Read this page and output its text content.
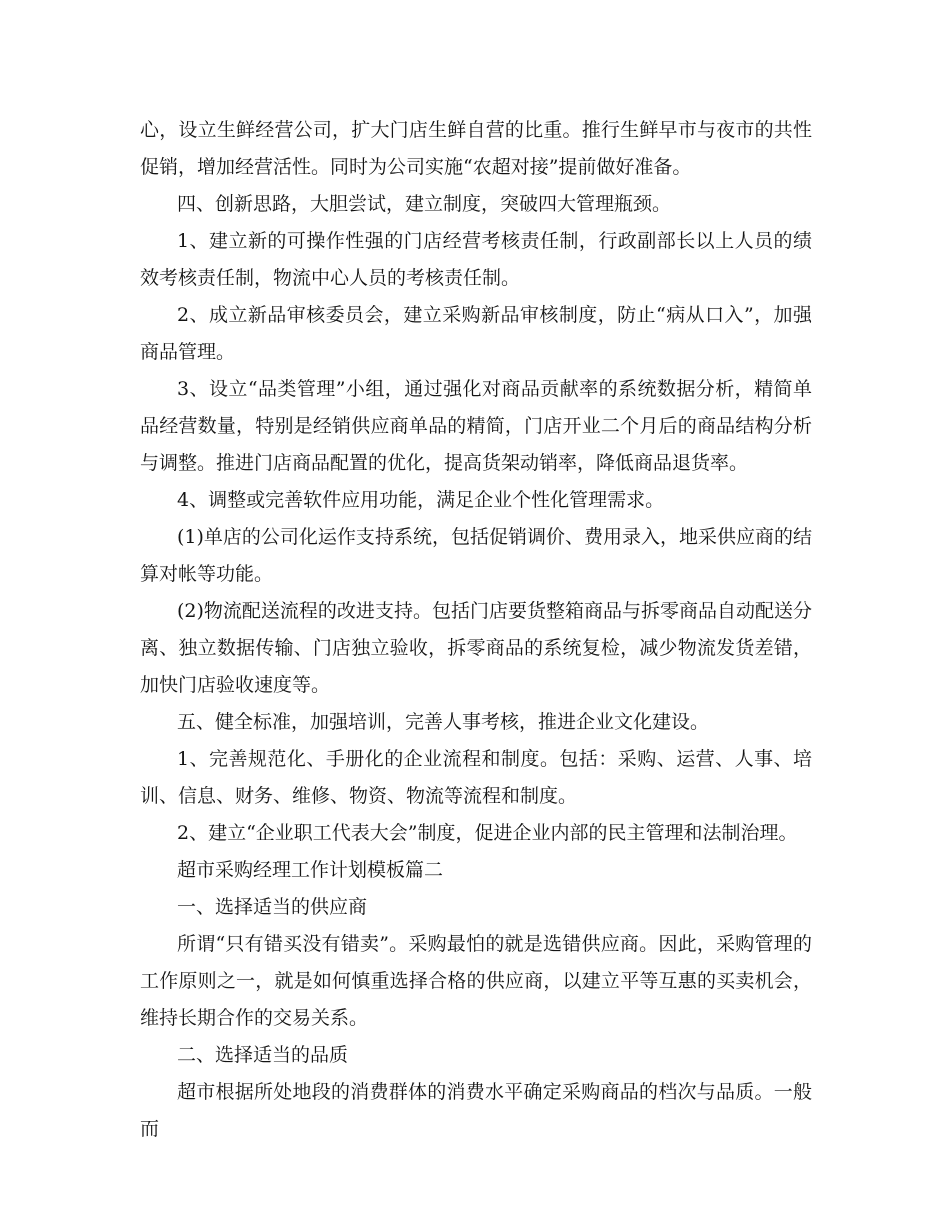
心，设立生鲜经营公司，扩大门店生鲜自营的比重。推行生鲜早市与夜市的共性促销，增加经营活性。同时为公司实施“农超对接”提前做好准备。

四、创新思路，大胆尝试，建立制度，突破四大管理瓶颈。

1、建立新的可操作性强的门店经营考核责任制，行政副部长以上人员的绩效考核责任制，物流中心人员的考核责任制。

2、成立新品审核委员会，建立采购新品审核制度，防止“病从口入”，加强商品管理。

3、设立“品类管理”小组，通过强化对商品贡献率的系统数据分析，精简单品经营数量，特别是经销供应商单品的精简，门店开业二个月后的商品结构分析与调整。推进门店商品配置的优化，提高货架动销率，降低商品退货率。

4、调整或完善软件应用功能，满足企业个性化管理需求。

(1)单店的公司化运作支持系统，包括促销调价、费用录入，地采供应商的结算对帐等功能。

(2)物流配送流程的改进支持。包括门店要货整箱商品与拆零商品自动配送分离、独立数据传输、门店独立验收，拆零商品的系统复检，减少物流发货差错，加快门店验收速度等。

五、健全标准，加强培训，完善人事考核，推进企业文化建设。

1、完善规范化、手册化的企业流程和制度。包括：采购、运营、人事、培训、信息、财务、维修、物资、物流等流程和制度。

2、建立“企业职工代表大会”制度，促进企业内部的民主管理和法制治理。

超市采购经理工作计划模板篇二

一、选择适当的供应商

所谓“只有错买没有错卖”。采购最怕的就是选错供应商。因此，采购管理的工作原则之一，就是如何慎重选择合格的供应商，以建立平等互惠的买卖机会，维持长期合作的交易关系。

二、选择适当的品质

超市根据所处地段的消费群体的消费水平确定采购商品的档次与品质。一般而
